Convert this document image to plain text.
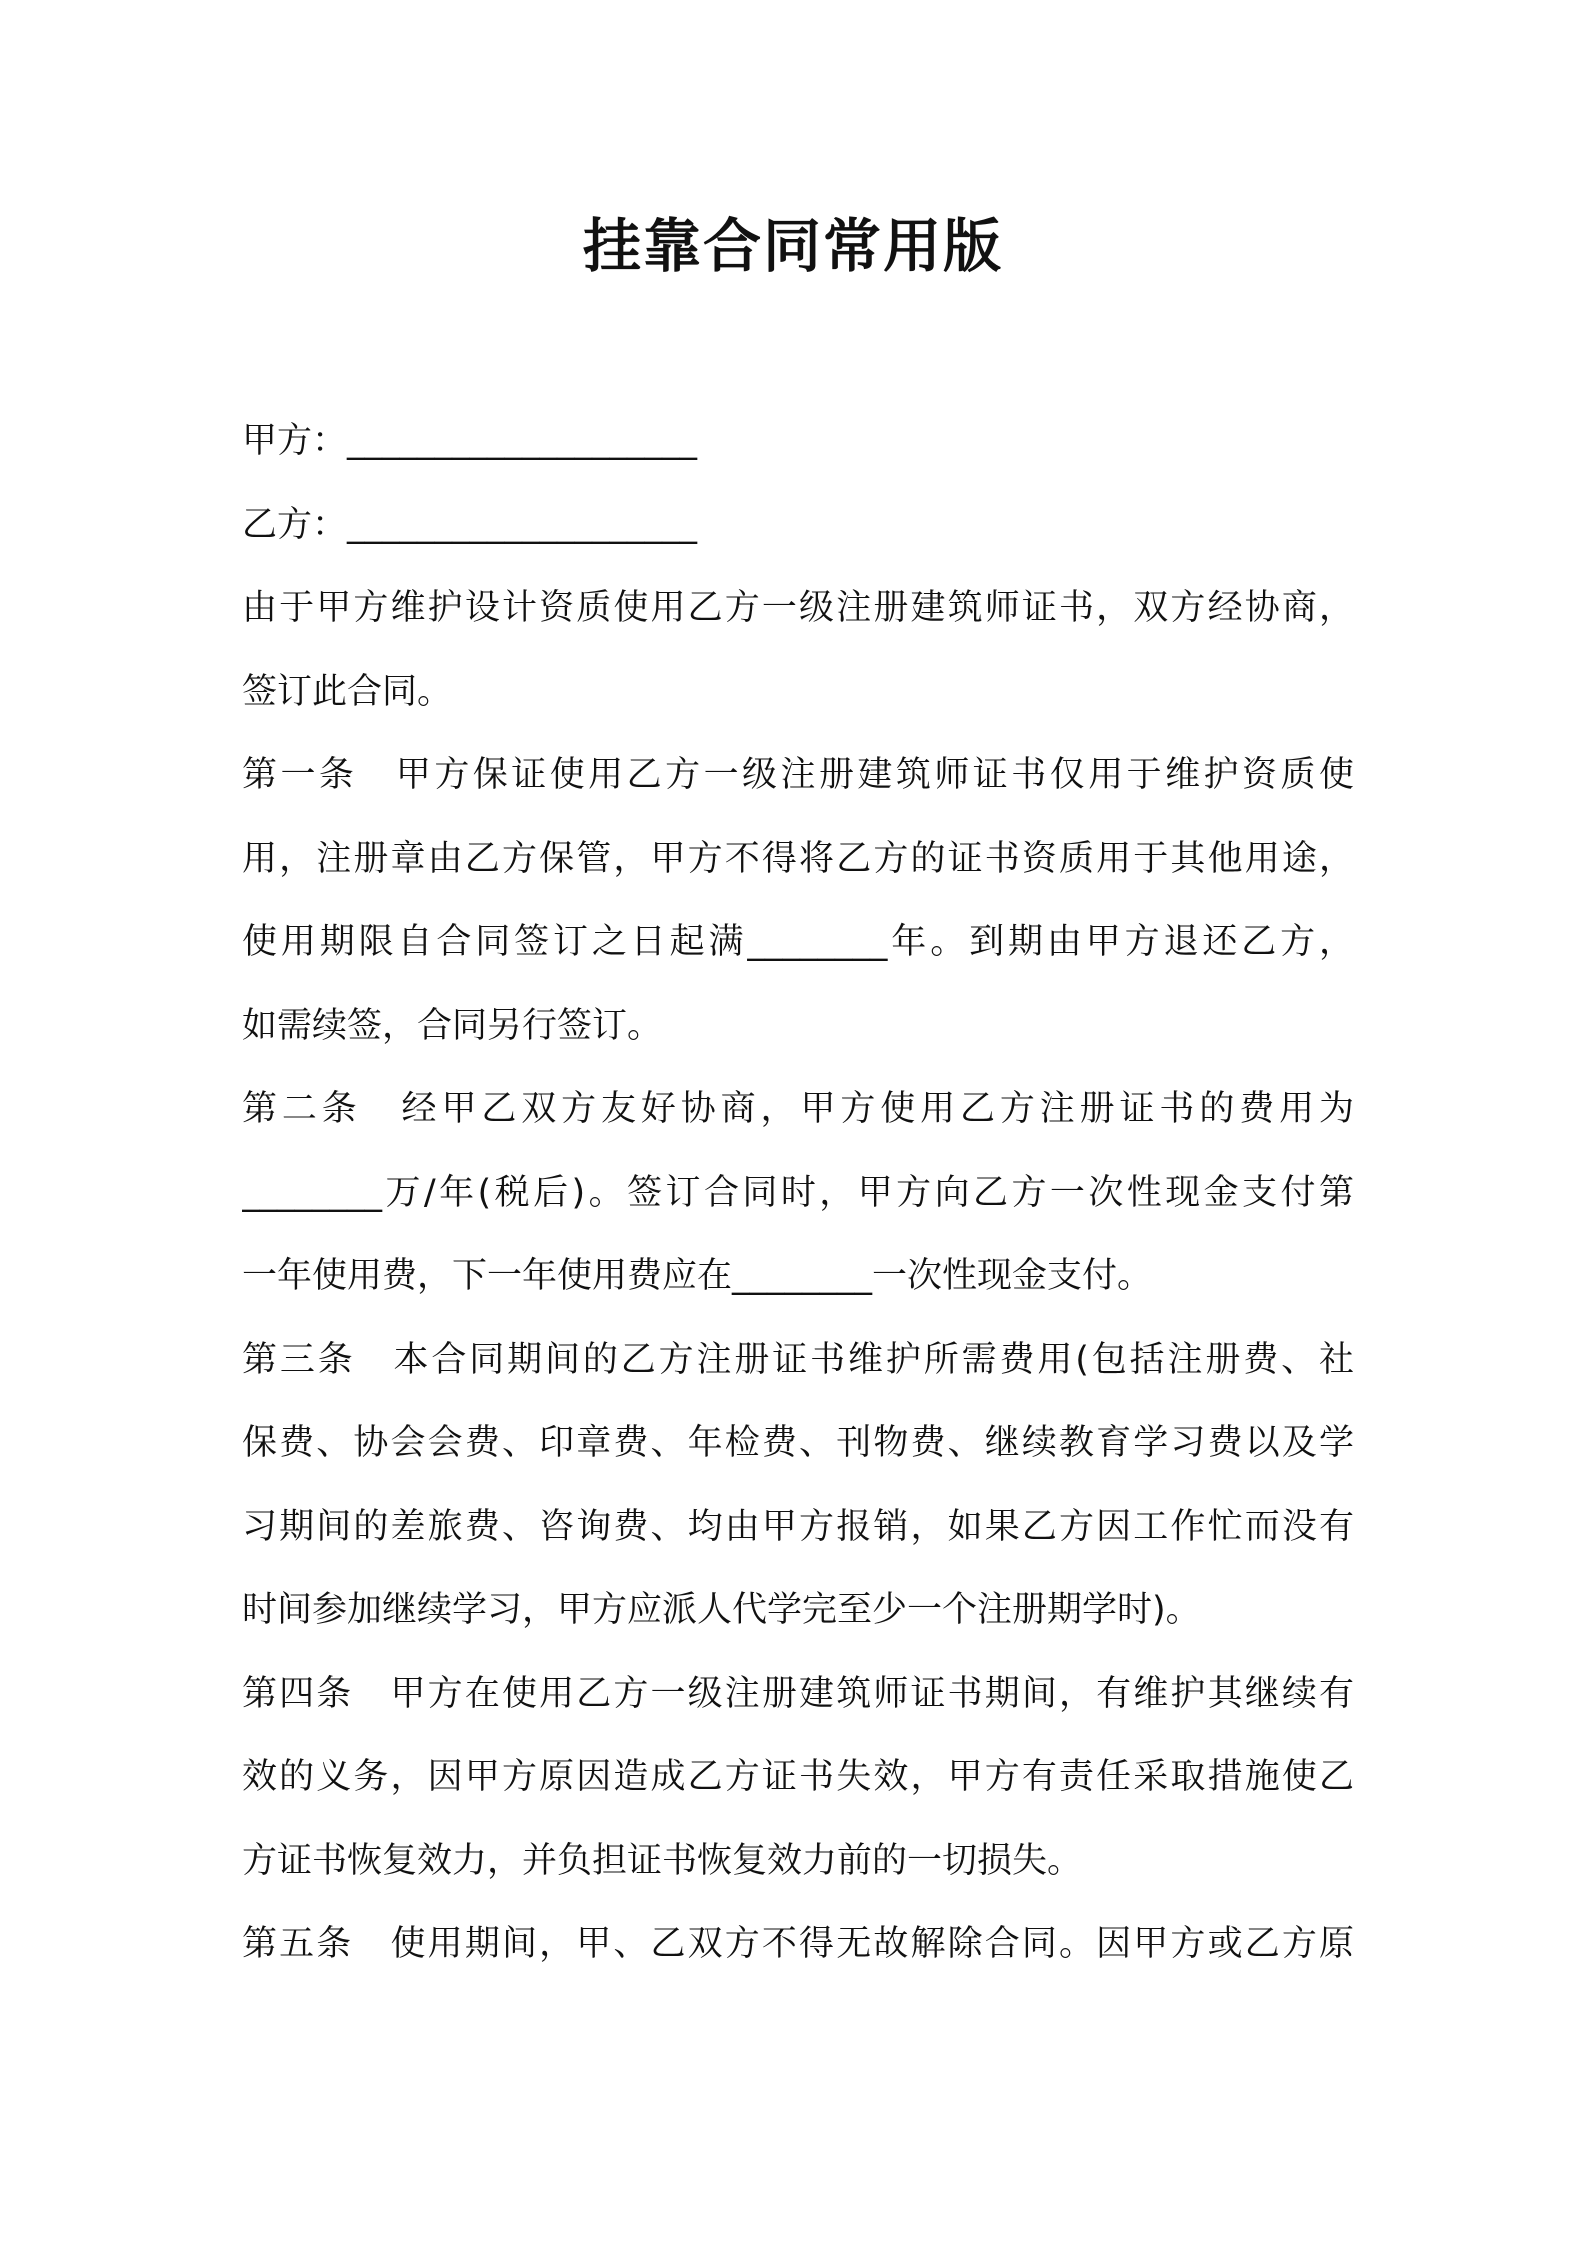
挂靠合同常用版
甲方：____________________
乙方：____________________
由于甲方维护设计资质使用乙方一级注册建筑师证书，双方经协商，
签订此合同。
第一条　甲方保证使用乙方一级注册建筑师证书仅用于维护资质使
用，注册章由乙方保管，甲方不得将乙方的证书资质用于其他用途，
使用期限自合同签订之日起满________年。到期由甲方退还乙方，
如需续签，合同另行签订。
第二条　经甲乙双方友好协商，甲方使用乙方注册证书的费用为
________万/年(税后)。签订合同时，甲方向乙方一次性现金支付第
一年使用费，下一年使用费应在________一次性现金支付。
第三条　本合同期间的乙方注册证书维护所需费用(包括注册费、社
保费、协会会费、印章费、年检费、刊物费、继续教育学习费以及学
习期间的差旅费、咨询费、均由甲方报销，如果乙方因工作忙而没有
时间参加继续学习，甲方应派人代学完至少一个注册期学时)。
第四条　甲方在使用乙方一级注册建筑师证书期间，有维护其继续有
效的义务，因甲方原因造成乙方证书失效，甲方有责任采取措施使乙
方证书恢复效力，并负担证书恢复效力前的一切损失。
第五条　使用期间，甲、乙双方不得无故解除合同。因甲方或乙方原
